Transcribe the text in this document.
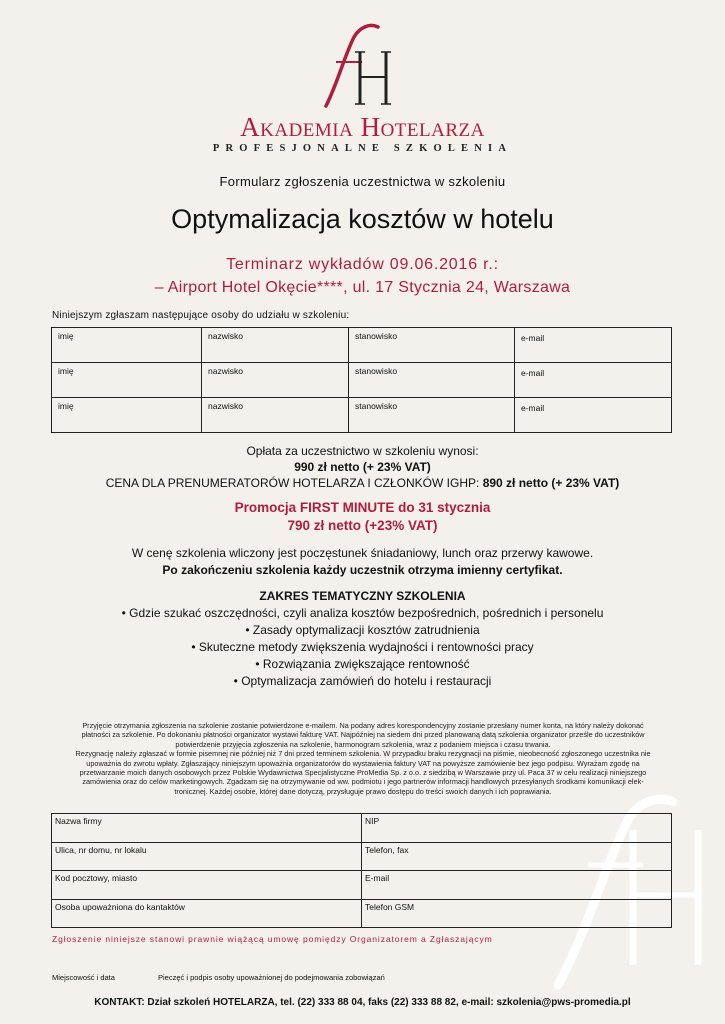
Akademia Hotelarza
PROFESJONALNE SZKOLENIA
Formularz zgłoszenia uczestnictwa w szkoleniu
Optymalizacja kosztów w hotelu
Terminarz wykładów 09.06.2016 r.:
– Airport Hotel Okęcie****, ul. 17 Stycznia 24, Warszawa
Niniejszym zgłaszam następujące osoby do udziału w szkoleniu:
imię	nazwisko	stanowisko	e-mail
imię	nazwisko	stanowisko	e-mail
imię	nazwisko	stanowisko	e-mail
Opłata za uczestnictwo w szkoleniu wynosi:
990 zł netto (+ 23% VAT)
CENA DLA PRENUMERATORÓW HOTELARZA I CZŁONKÓW IGHP: 890 zł netto (+ 23% VAT)
Promocja FIRST MINUTE do 31 stycznia
790 zł netto (+23% VAT)
W cenę szkolenia wliczony jest poczęstunek śniadaniowy, lunch oraz przerwy kawowe.
Po zakończeniu szkolenia każdy uczestnik otrzyma imienny certyfikat.
ZAKRES TEMATYCZNY SZKOLENIA
• Gdzie szukać oszczędności, czyli analiza kosztów bezpośrednich, pośrednich i personelu
• Zasady optymalizacji kosztów zatrudnienia
• Skuteczne metody zwiększenia wydajności i rentowności pracy
• Rozwiązania zwiększające rentowność
• Optymalizacja zamówień do hotelu i restauracji
Przyjęcie otrzymania zgłoszenia na szkolenie zostanie potwierdzone e-mailem. Na podany adres korespondencyjny zostanie przesłany numer konta, na który należy dokonać
płatności za szkolenie. Po dokonaniu płatności organizator wystawi fakturę VAT. Najpóźniej na siedem dni przed planowaną datą szkolenia organizator prześle do uczestników
potwierdzenie przyjęcia zgłoszenia na szkolenie, harmonogram szkolenia, wraz z podaniem miejsca i czasu trwania.
Rezygnację należy zgłaszać w formie pisemnej nie później niż 7 dni przed terminem szkolenia. W przypadku braku rezygnacji na piśmie, nieobecność zgłoszonego uczestnika nie
upoważnia do zwrotu wpłaty. Zgłaszający niniejszym upoważnia organizatorów do wystawienia faktury VAT na powyższe zamówienie bez jego podpisu. Wyrażam zgodę na
przetwarzanie moich danych osobowych przez Polskie Wydawnictwa Specjalistyczne ProMedia Sp. z o.o. z siedzibą w Warszawie przy ul. Paca 37 w celu realizacji niniejszego
zamówienia oraz do celów marketingowych. Zgadzam się na otrzymywanie od ww. podmiotu i jego partnerów informacji handlowych przesyłanych środkami komunikacji elek-
tronicznej. Każdej osobie, której dane dotyczą, przysługuje prawo dostępu do treści swoich danych i ich poprawiania.
Nazwa firmy	NIP
Ulica, nr domu, nr lokalu	Telefon, fax
Kod pocztowy, miasto	E-mail
Osoba upoważniona do kantaktów	Telefon GSM
Zgłoszenie niniejsze stanowi prawnie wiążącą umowę pomiędzy Organizatorem a Zgłaszającym
Miejscowość i data	Pieczęć i podpis osoby upoważnionej do podejmowania zobowiązań
KONTAKT: Dział szkoleń HOTELARZA, tel. (22) 333 88 04, faks (22) 333 88 82, e-mail: szkolenia@pws-promedia.pl
